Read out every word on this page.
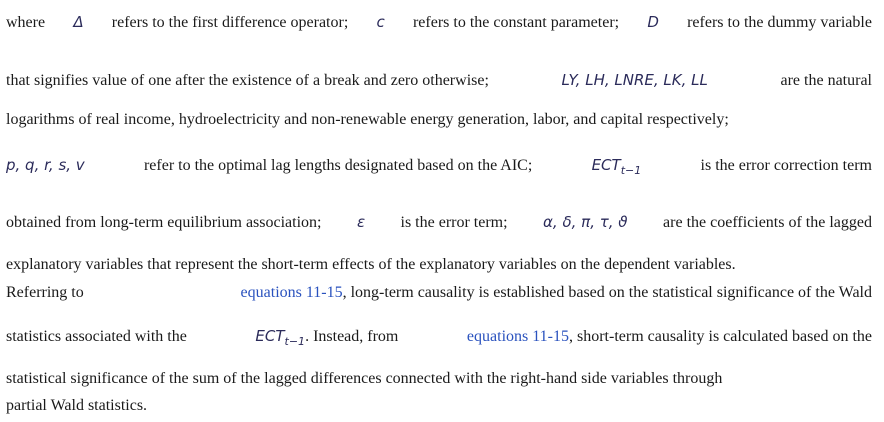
where Δ refers to the first difference operator; c refers to the constant parameter; D refers to the dummy variable
that signifies value of one after the existence of a break and zero otherwise;	LY, LH, LNRE, LK, LL	are the natural
logarithms of real income, hydroelectricity and non-renewable energy generation, labor, and capital respectively;
p, q, r, s, v	refer to the optimal lag lengths designated based on the AIC;	$ECT_{t-1}$	is the error correction term
obtained from long-term equilibrium association; ε is the error term; α, δ, π, τ, ϑ are the coefficients of the lagged
explanatory variables that represent the short-term effects of the explanatory variables on the dependent variables.
Referring to	equations 11-15, long-term causality is established based on the statistical significance of the Wald
statistics associated with the	$ECT_{t-1}$. Instead, from	equations 11-15, short-term causality is calculated based on the
statistical significance of the sum of the lagged differences connected with the right-hand side variables through
partial Wald statistics.
